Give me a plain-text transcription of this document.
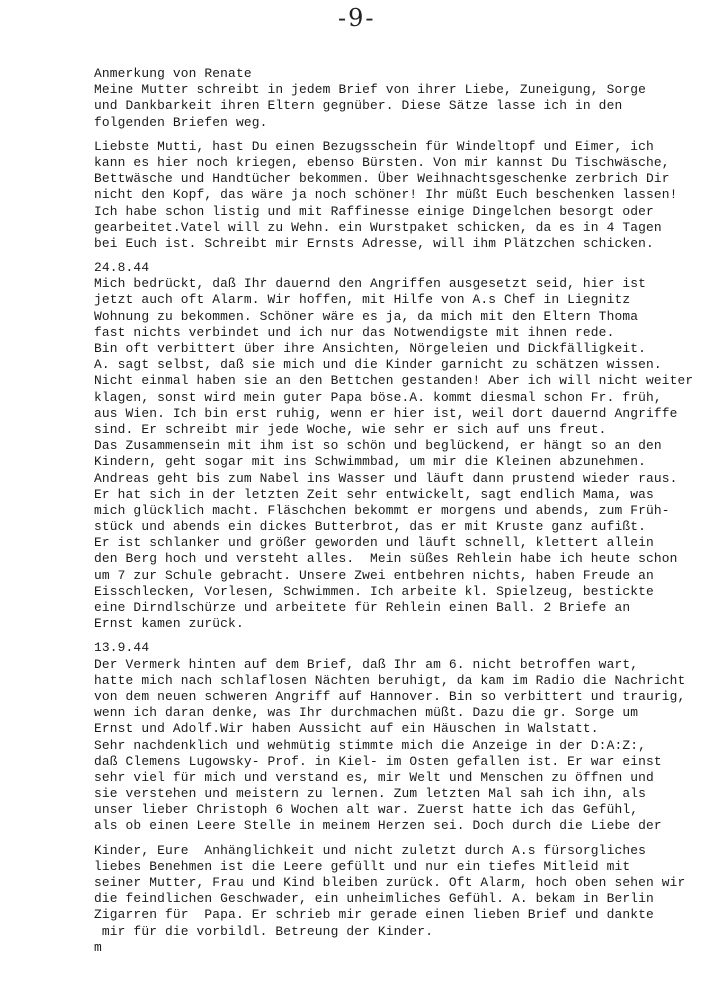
-9-
Anmerkung von Renate
Meine Mutter schreibt in jedem Brief von ihrer Liebe, Zuneigung, Sorge
und Dankbarkeit ihren Eltern gegnüber. Diese Sätze lasse ich in den
folgenden Briefen weg.
Liebste Mutti, hast Du einen Bezugsschein für Windeltopf und Eimer, ich
kann es hier noch kriegen, ebenso Bürsten. Von mir kannst Du Tischwäsche,
Bettwäsche und Handtücher bekommen. Über Weihnachtsgeschenke zerbrich Dir
nicht den Kopf, das wäre ja noch schöner! Ihr müßt Euch beschenken lassen!
Ich habe schon listig und mit Raffinesse einige Dingelchen besorgt oder
gearbeitet.Vatel will zu Wehn. ein Wurstpaket schicken, da es in 4 Tagen
bei Euch ist. Schreibt mir Ernsts Adresse, will ihm Plätzchen schicken.
24.8.44
Mich bedrückt, daß Ihr dauernd den Angriffen ausgesetzt seid, hier ist
jetzt auch oft Alarm. Wir hoffen, mit Hilfe von A.s Chef in Liegnitz
Wohnung zu bekommen. Schöner wäre es ja, da mich mit den Eltern Thoma
fast nichts verbindet und ich nur das Notwendigste mit ihnen rede.
Bin oft verbittert über ihre Ansichten, Nörgeleien und Dickfälligkeit.
A. sagt selbst, daß sie mich und die Kinder garnicht zu schätzen wissen.
Nicht einmal haben sie an den Bettchen gestanden! Aber ich will nicht weiter
klagen, sonst wird mein guter Papa böse.A. kommt diesmal schon Fr. früh,
aus Wien. Ich bin erst ruhig, wenn er hier ist, weil dort dauernd Angriffe
sind. Er schreibt mir jede Woche, wie sehr er sich auf uns freut.
Das Zusammensein mit ihm ist so schön und beglückend, er hängt so an den
Kindern, geht sogar mit ins Schwimmbad, um mir die Kleinen abzunehmen.
Andreas geht bis zum Nabel ins Wasser und läuft dann prustend wieder raus.
Er hat sich in der letzten Zeit sehr entwickelt, sagt endlich Mama, was
mich glücklich macht. Fläschchen bekommt er morgens und abends, zum Früh-
stück und abends ein dickes Butterbrot, das er mit Kruste ganz aufißt.
Er ist schlanker und größer geworden und läuft schnell, klettert allein
den Berg hoch und versteht alles.  Mein süßes Rehlein habe ich heute schon
um 7 zur Schule gebracht. Unsere Zwei entbehren nichts, haben Freude an
Eisschlecken, Vorlesen, Schwimmen. Ich arbeite kl. Spielzeug, bestickte
eine Dirndlschürze und arbeitete für Rehlein einen Ball. 2 Briefe an
Ernst kamen zurück.
13.9.44
Der Vermerk hinten auf dem Brief, daß Ihr am 6. nicht betroffen wart,
hatte mich nach schlaflosen Nächten beruhigt, da kam im Radio die Nachricht
von dem neuen schweren Angriff auf Hannover. Bin so verbittert und traurig,
wenn ich daran denke, was Ihr durchmachen müßt. Dazu die gr. Sorge um
Ernst und Adolf.Wir haben Aussicht auf ein Häuschen in Walstatt.
Sehr nachdenklich und wehmütig stimmte mich die Anzeige in der D:A:Z:,
daß Clemens Lugowsky- Prof. in Kiel- im Osten gefallen ist. Er war einst
sehr viel für mich und verstand es, mir Welt und Menschen zu öffnen und
sie verstehen und meistern zu lernen. Zum letzten Mal sah ich ihn, als
unser lieber Christoph 6 Wochen alt war. Zuerst hatte ich das Gefühl,
als ob einen Leere Stelle in meinem Herzen sei. Doch durch die Liebe der
Kinder, Eure  Anhänglichkeit und nicht zuletzt durch A.s fürsorgliches
liebes Benehmen ist die Leere gefüllt und nur ein tiefes Mitleid mit
seiner Mutter, Frau und Kind bleiben zurück. Oft Alarm, hoch oben sehen wir
die feindlichen Geschwader, ein unheimliches Gefühl. A. bekam in Berlin
Zigarren für  Papa. Er schrieb mir gerade einen lieben Brief und dankte
mir für die vorbildl. Betreung der Kinder.
m
